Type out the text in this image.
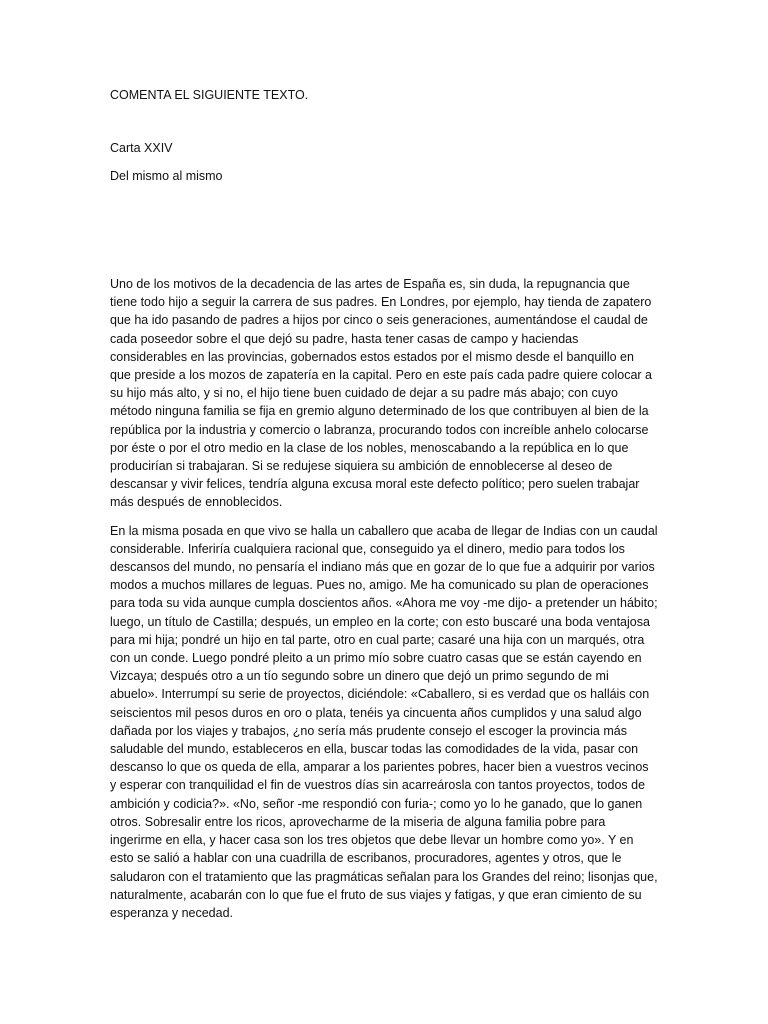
COMENTA EL SIGUIENTE TEXTO.
Carta XXIV
Del mismo al mismo

Uno de los motivos de la decadencia de las artes de España es, sin duda, la repugnancia que tiene todo hijo a seguir la carrera de sus padres. En Londres, por ejemplo, hay tienda de zapatero que ha ido pasando de padres a hijos por cinco o seis generaciones, aumentándose el caudal de cada poseedor sobre el que dejó su padre, hasta tener casas de campo y haciendas considerables en las provincias, gobernados estos estados por el mismo desde el banquillo en que preside a los mozos de zapatería en la capital. Pero en este país cada padre quiere colocar a su hijo más alto, y si no, el hijo tiene buen cuidado de dejar a su padre más abajo; con cuyo método ninguna familia se fija en gremio alguno determinado de los que contribuyen al bien de la república por la industria y comercio o labranza, procurando todos con increíble anhelo colocarse por éste o por el otro medio en la clase de los nobles, menoscabando a la república en lo que producirían si trabajaran. Si se redujese siquiera su ambición de ennoblecerse al deseo de descansar y vivir felices, tendría alguna excusa moral este defecto político; pero suelen trabajar más después de ennoblecidos.

En la misma posada en que vivo se halla un caballero que acaba de llegar de Indias con un caudal considerable. Inferiría cualquiera racional que, conseguido ya el dinero, medio para todos los descansos del mundo, no pensaría el indiano más que en gozar de lo que fue a adquirir por varios modos a muchos millares de leguas. Pues no, amigo. Me ha comunicado su plan de operaciones para toda su vida aunque cumpla doscientos años. «Ahora me voy -me dijo- a pretender un hábito; luego, un título de Castilla; después, un empleo en la corte; con esto buscaré una boda ventajosa para mi hija; pondré un hijo en tal parte, otro en cual parte; casaré una hija con un marqués, otra con un conde. Luego pondré pleito a un primo mío sobre cuatro casas que se están cayendo en Vizcaya; después otro a un tío segundo sobre un dinero que dejó un primo segundo de mi abuelo». Interrumpí su serie de proyectos, diciéndole: «Caballero, si es verdad que os halláis con seiscientos mil pesos duros en oro o plata, tenéis ya cincuenta años cumplidos y una salud algo dañada por los viajes y trabajos, ¿no sería más prudente consejo el escoger la provincia más saludable del mundo, estableceros en ella, buscar todas las comodidades de la vida, pasar con descanso lo que os queda de ella, amparar a los parientes pobres, hacer bien a vuestros vecinos y esperar con tranquilidad el fin de vuestros días sin acarreárosla con tantos proyectos, todos de ambición y codicia?». «No, señor -me respondió con furia-; como yo lo he ganado, que lo ganen otros. Sobresalir entre los ricos, aprovecharme de la miseria de alguna familia pobre para ingerirme en ella, y hacer casa son los tres objetos que debe llevar un hombre como yo». Y en esto se salió a hablar con una cuadrilla de escribanos, procuradores, agentes y otros, que le saludaron con el tratamiento que las pragmáticas señalan para los Grandes del reino; lisonjas que, naturalmente, acabarán con lo que fue el fruto de sus viajes y fatigas, y que eran cimiento de su esperanza y necedad.
